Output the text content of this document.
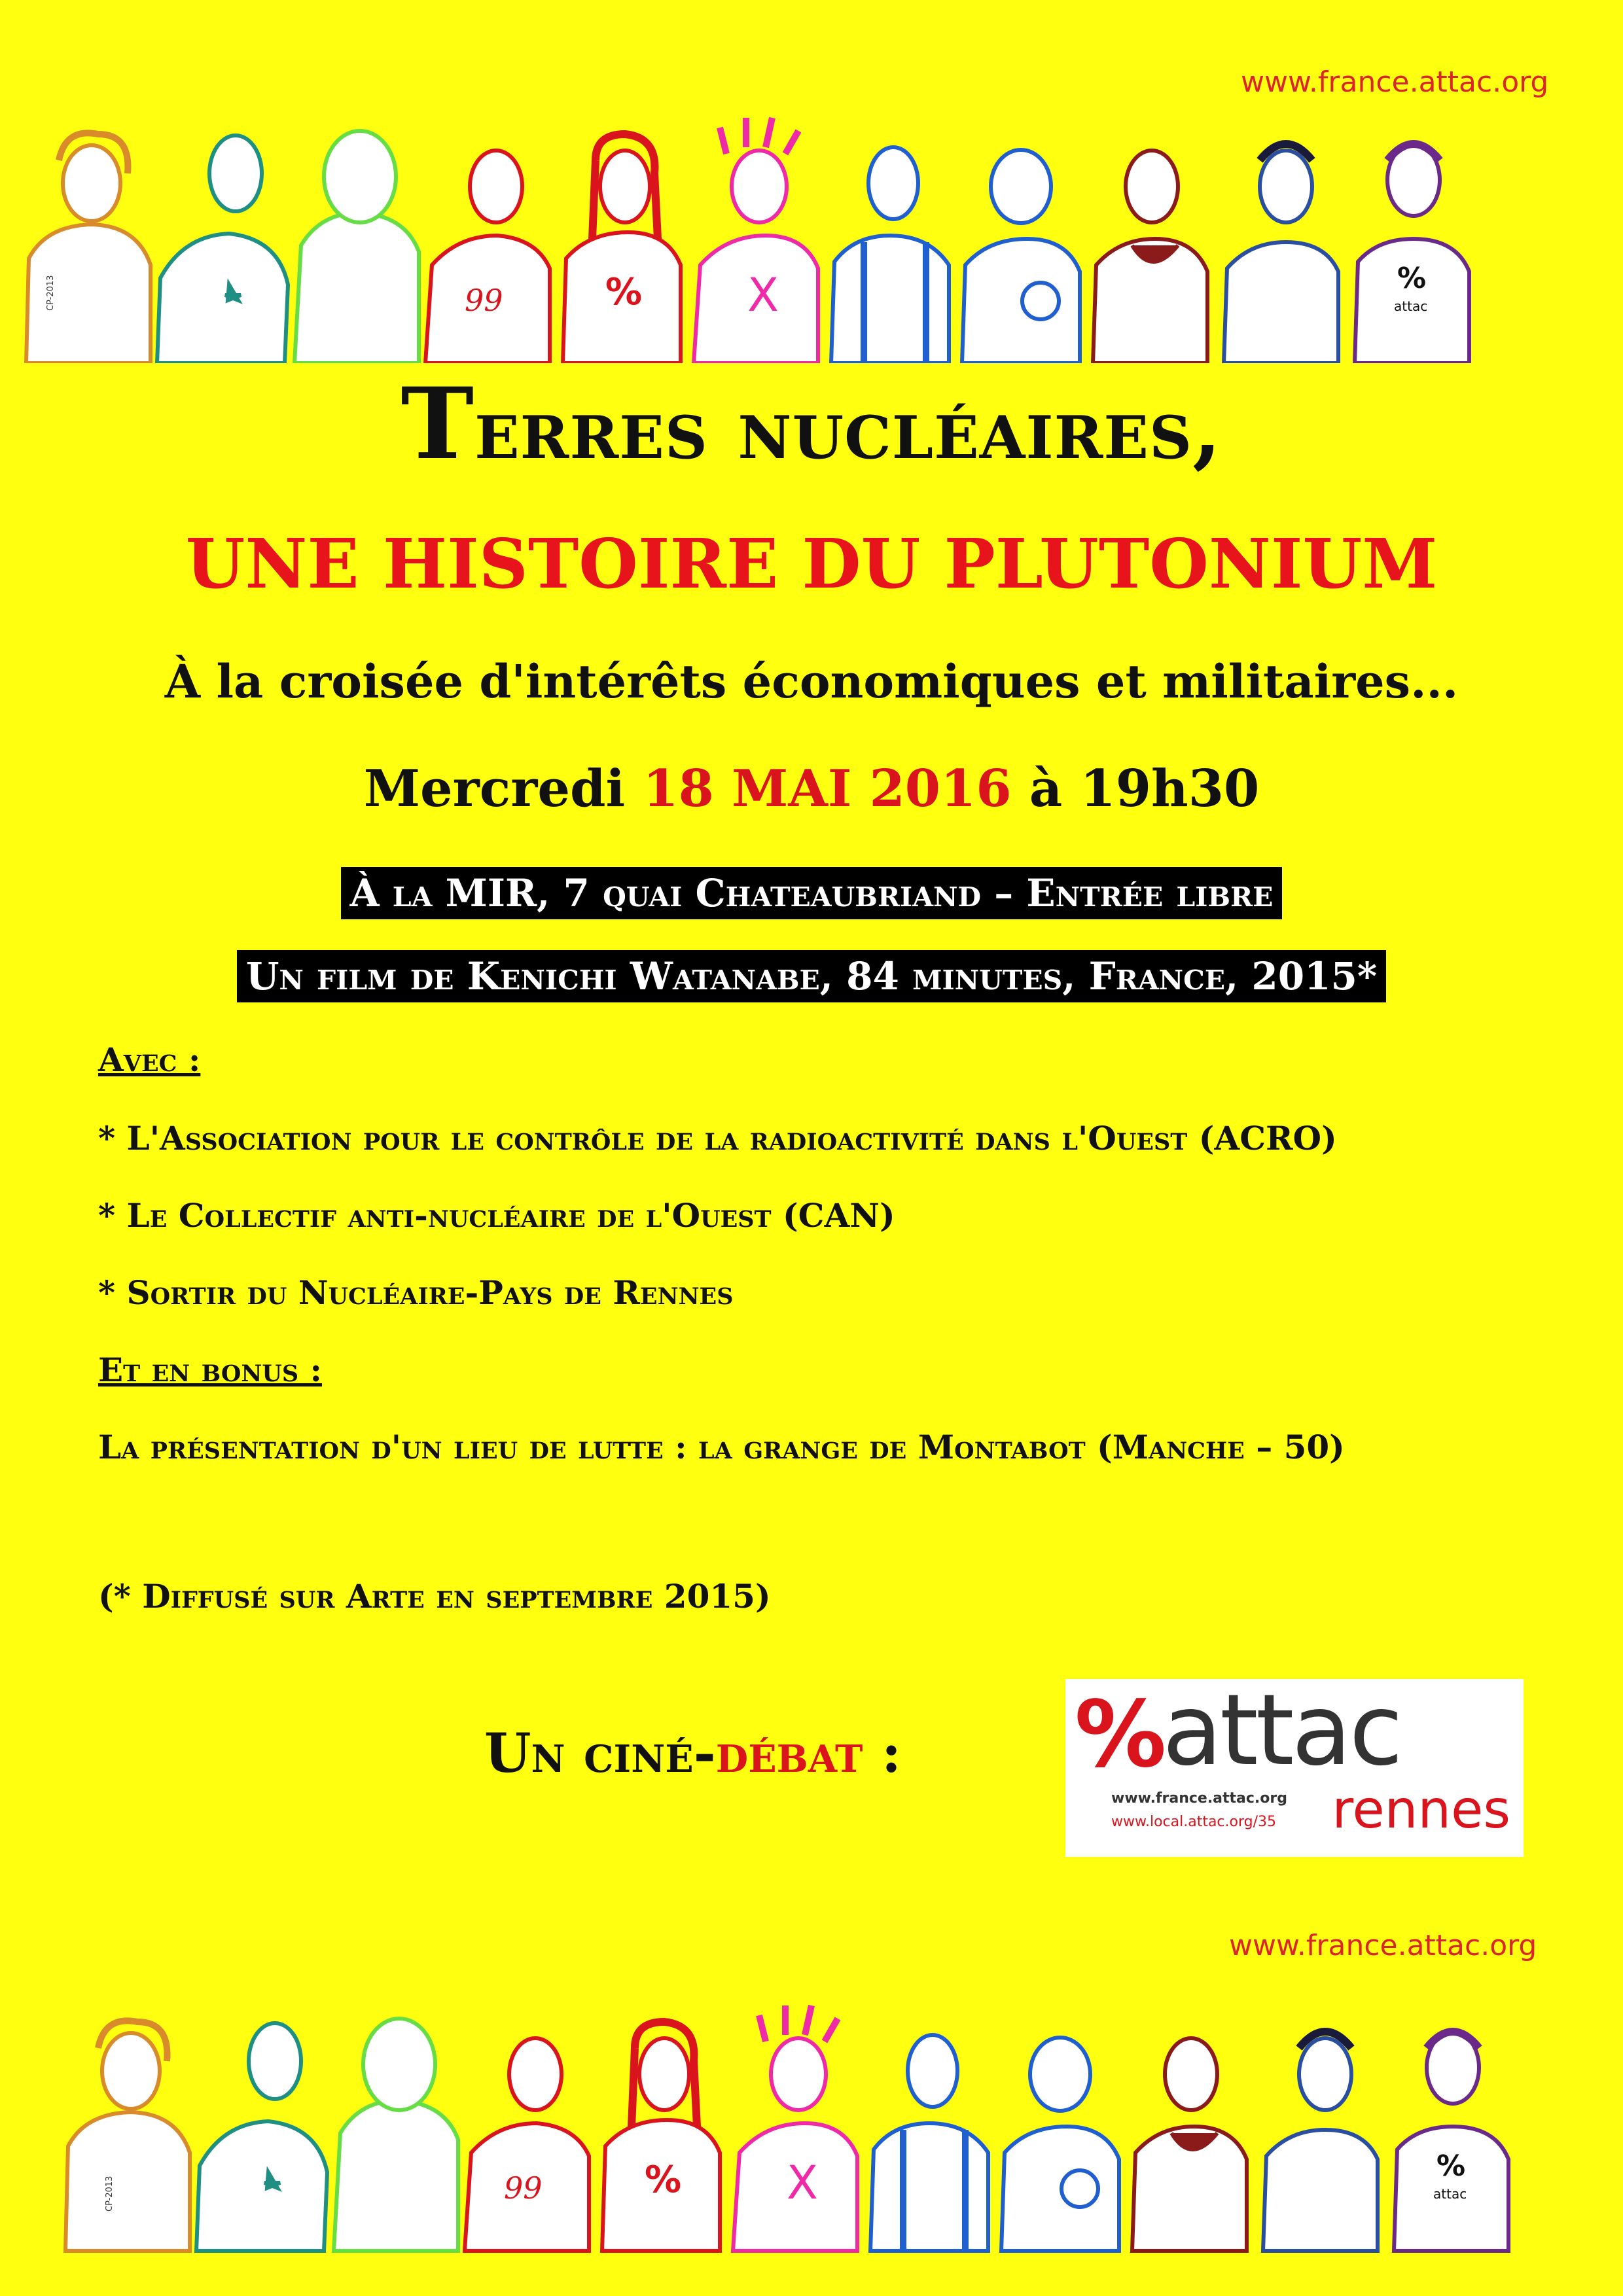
www.france.attac.org
CP-2013	99	% X	%
attac
Terres nucléaires,
UNE HISTOIRE DU PLUTONIUM
À la croisée d'intérêts économiques et militaires...
Mercredi 18 MAI 2016 à 19h30
À la MIR, 7 quai Chateaubriand – Entrée libre
Un film de Kenichi Watanabe, 84 minutes, France, 2015*
Avec :
* L'Association pour le contrôle de la radioactivité dans l'Ouest (ACRO)
* Le Collectif anti-nucléaire de l'Ouest (CAN)
* Sortir du Nucléaire-Pays de Rennes
Et en bonus :
La présentation d'un lieu de lutte : la grange de Montabot (Manche – 50)
(* Diffusé sur Arte en septembre 2015)
Un ciné-débat : %
attac
www.france.attac.org
www.local.attac.org/35 rennes
www.france.attac.org
CP-2013	99	% X	%
attac
